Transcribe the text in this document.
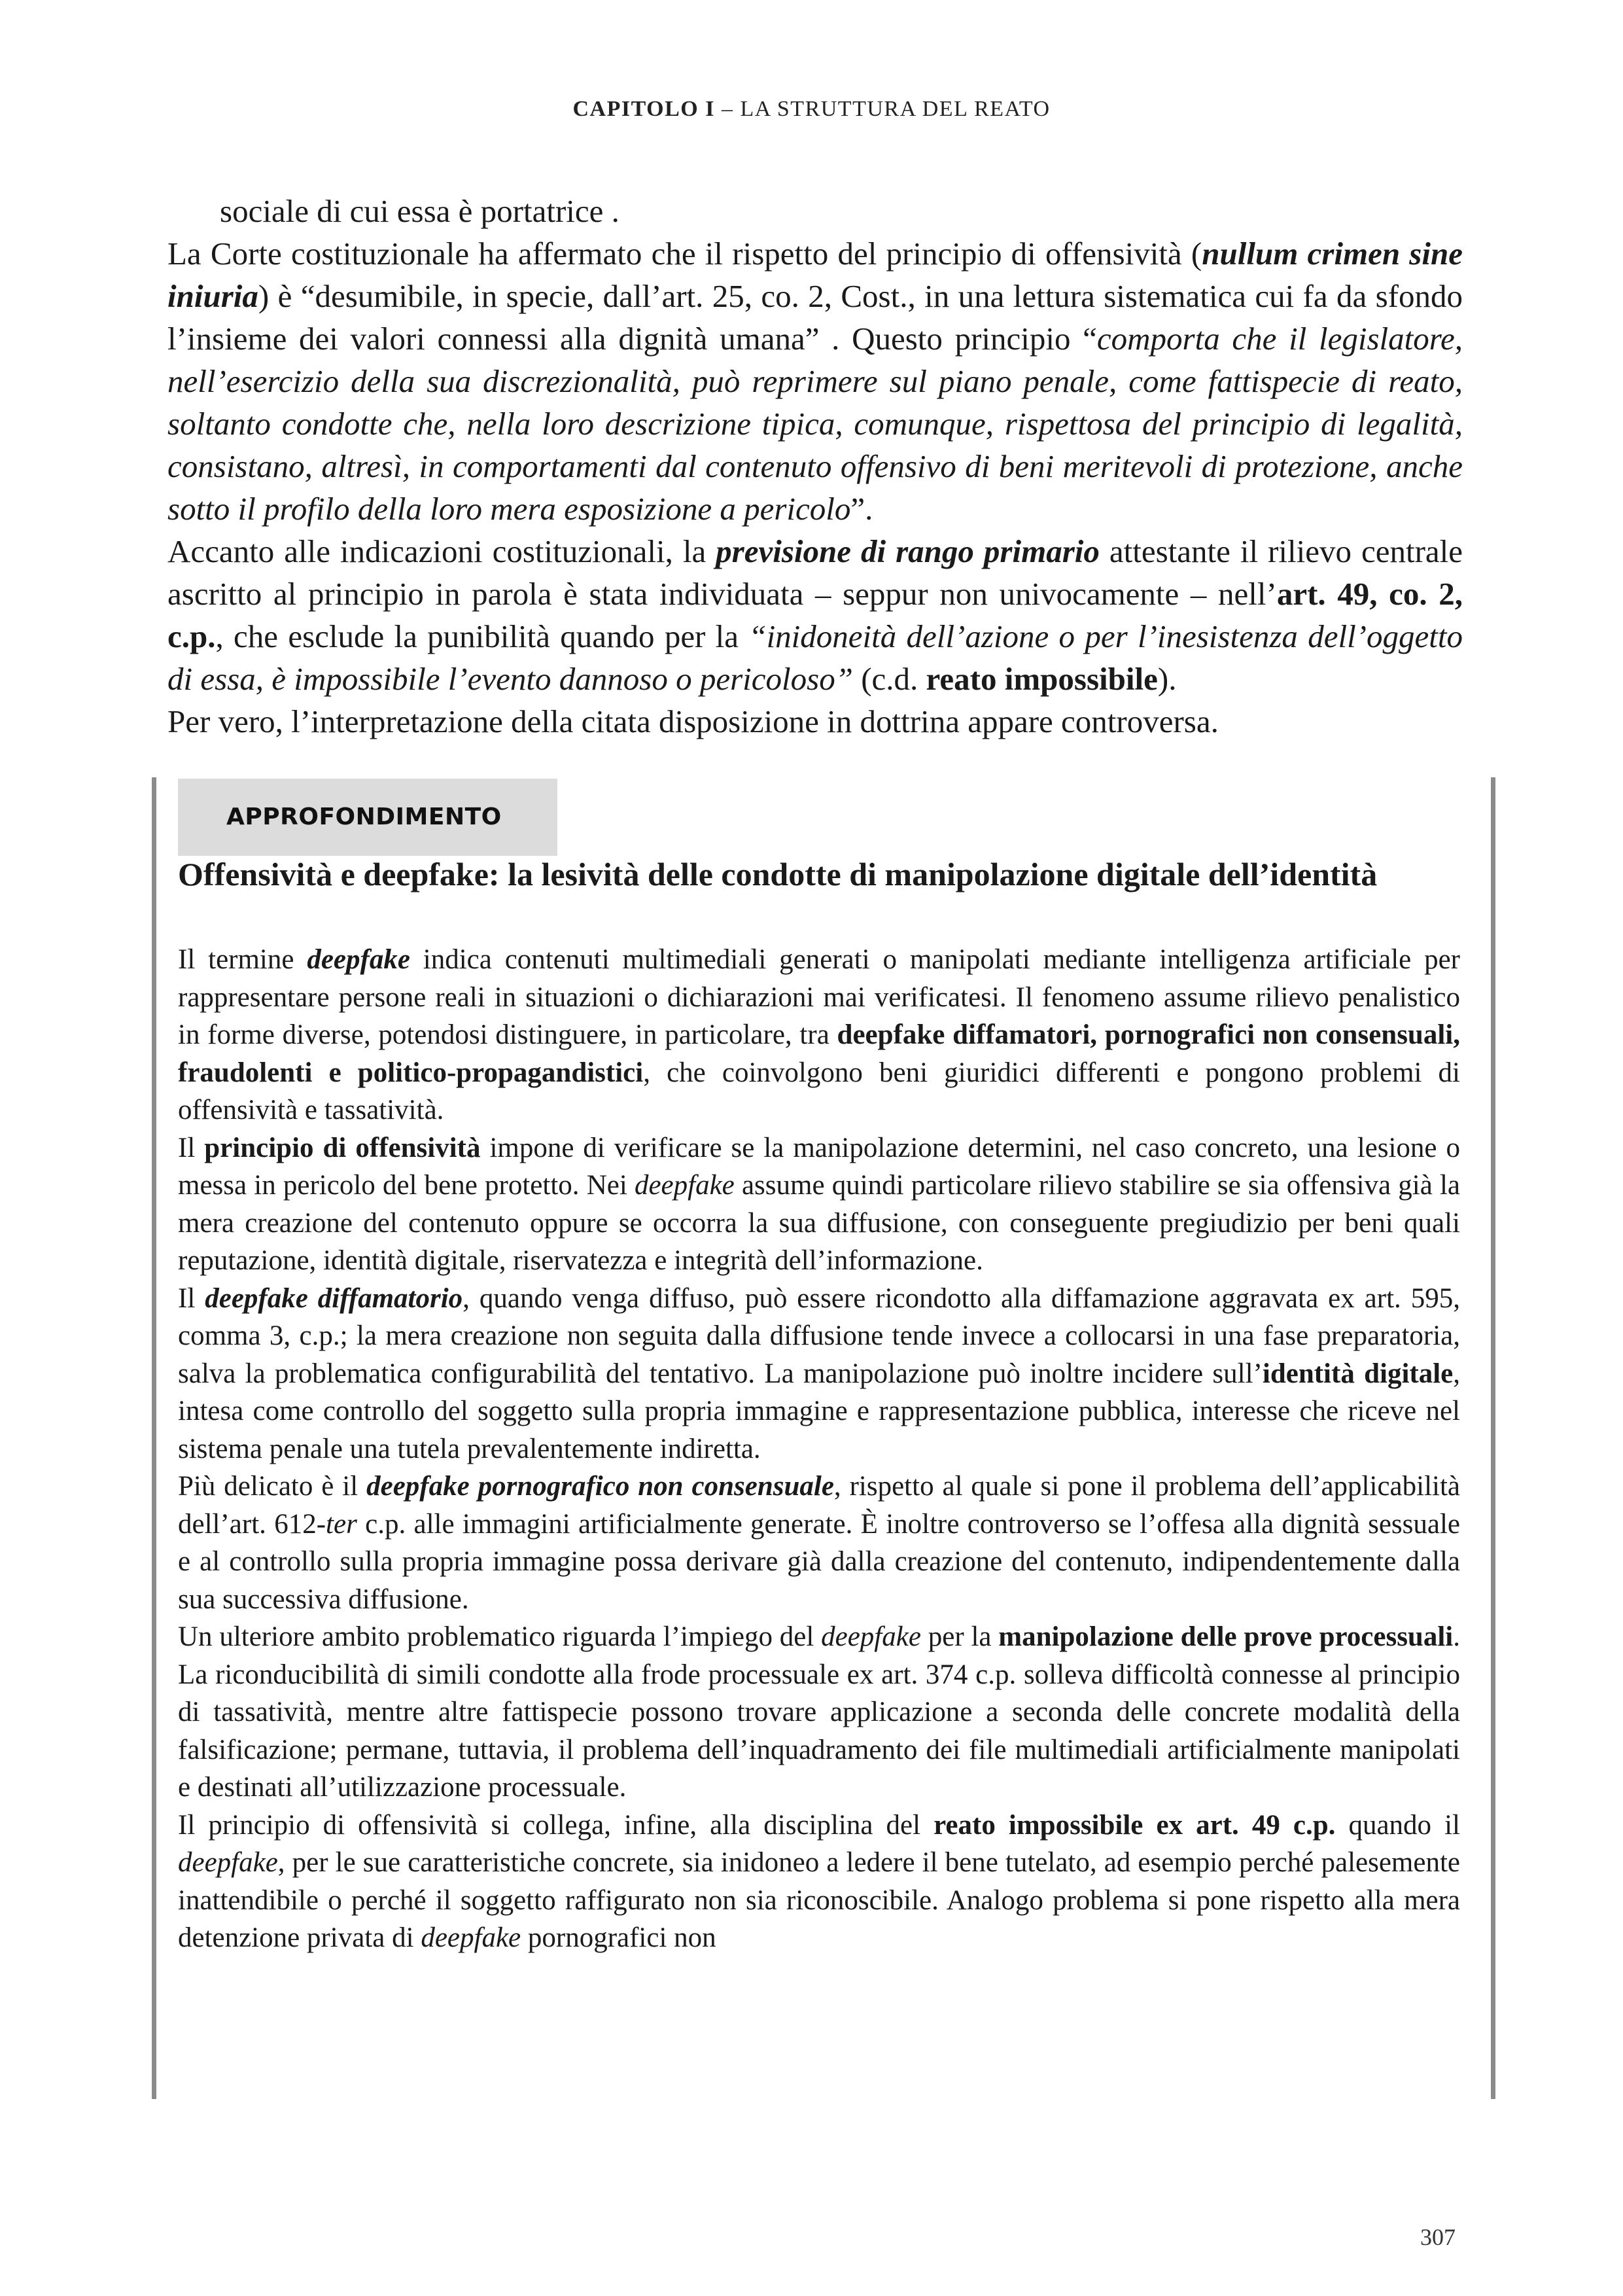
CAPITOLO I – LA STRUTTURA DEL REATO

sociale di cui essa è portatrice .

La Corte costituzionale ha affermato che il rispetto del principio di offensività (nullum crimen sine iniuria) è “desumibile, in specie, dall’art. 25, co. 2, Cost., in una lettura sistematica cui fa da sfondo l’insieme dei valori connessi alla dignità umana” . Questo principio “comporta che il legislatore, nell’esercizio della sua discrezionalità, può reprimere sul piano penale, come fattispecie di reato, soltanto condotte che, nella loro descrizione tipica, comunque, rispettosa del principio di legalità, consistano, altresì, in comportamenti dal contenuto offensivo di beni meritevoli di protezione, anche sotto il profilo della loro mera esposizione a pericolo”.

Accanto alle indicazioni costituzionali, la previsione di rango primario attestante il rilievo centrale ascritto al principio in parola è stata individuata – seppur non univocamente – nell’art. 49, co. 2, c.p., che esclude la punibilità quando per la “inidoneità dell’azione o per l’inesistenza dell’oggetto di essa, è impossibile l’evento dannoso o pericoloso” (c.d. reato impossibile).

Per vero, l’interpretazione della citata disposizione in dottrina appare controversa.

APPROFONDIMENTO
Offensività e deepfake: la lesività delle condotte di manipolazione digitale dell’identità

Il termine deepfake indica contenuti multimediali generati o manipolati mediante intelligenza artificiale per rappresentare persone reali in situazioni o dichiarazioni mai verificatesi. Il fenomeno assume rilievo penalistico in forme diverse, potendosi distinguere, in particolare, tra deepfake diffamatori, pornografici non consensuali, fraudolenti e politico-propagandistici, che coinvolgono beni giuridici differenti e pongono problemi di offensività e tassatività.

Il principio di offensività impone di verificare se la manipolazione determini, nel caso concreto, una lesione o messa in pericolo del bene protetto. Nei deepfake assume quindi particolare rilievo stabilire se sia offensiva già la mera creazione del contenuto oppure se occorra la sua diffusione, con conseguente pregiudizio per beni quali reputazione, identità digitale, riservatezza e integrità dell’informazione.

Il deepfake diffamatorio, quando venga diffuso, può essere ricondotto alla diffamazione aggravata ex art. 595, comma 3, c.p.; la mera creazione non seguita dalla diffusione tende invece a collocarsi in una fase preparatoria, salva la problematica configurabilità del tentativo. La manipolazione può inoltre incidere sull’identità digitale, intesa come controllo del soggetto sulla propria immagine e rappresentazione pubblica, interesse che riceve nel sistema penale una tutela prevalentemente indiretta.

Più delicato è il deepfake pornografico non consensuale, rispetto al quale si pone il problema dell’applicabilità dell’art. 612-ter c.p. alle immagini artificialmente generate. È inoltre controverso se l’offesa alla dignità sessuale e al controllo sulla propria immagine possa derivare già dalla creazione del contenuto, indipendentemente dalla sua successiva diffusione.

Un ulteriore ambito problematico riguarda l’impiego del deepfake per la manipolazione delle prove processuali. La riconducibilità di simili condotte alla frode processuale ex art. 374 c.p. solleva difficoltà connesse al principio di tassatività, mentre altre fattispecie possono trovare applicazione a seconda delle concrete modalità della falsificazione; permane, tuttavia, il problema dell’inquadramento dei file multimediali artificialmente manipolati e destinati all’utilizzazione processuale.

Il principio di offensività si collega, infine, alla disciplina del reato impossibile ex art. 49 c.p. quando il deepfake, per le sue caratteristiche concrete, sia inidoneo a ledere il bene tutelato, ad esempio perché palesemente inattendibile o perché il soggetto raffigurato non sia riconoscibile. Analogo problema si pone rispetto alla mera detenzione privata di deepfake pornografici non

307
